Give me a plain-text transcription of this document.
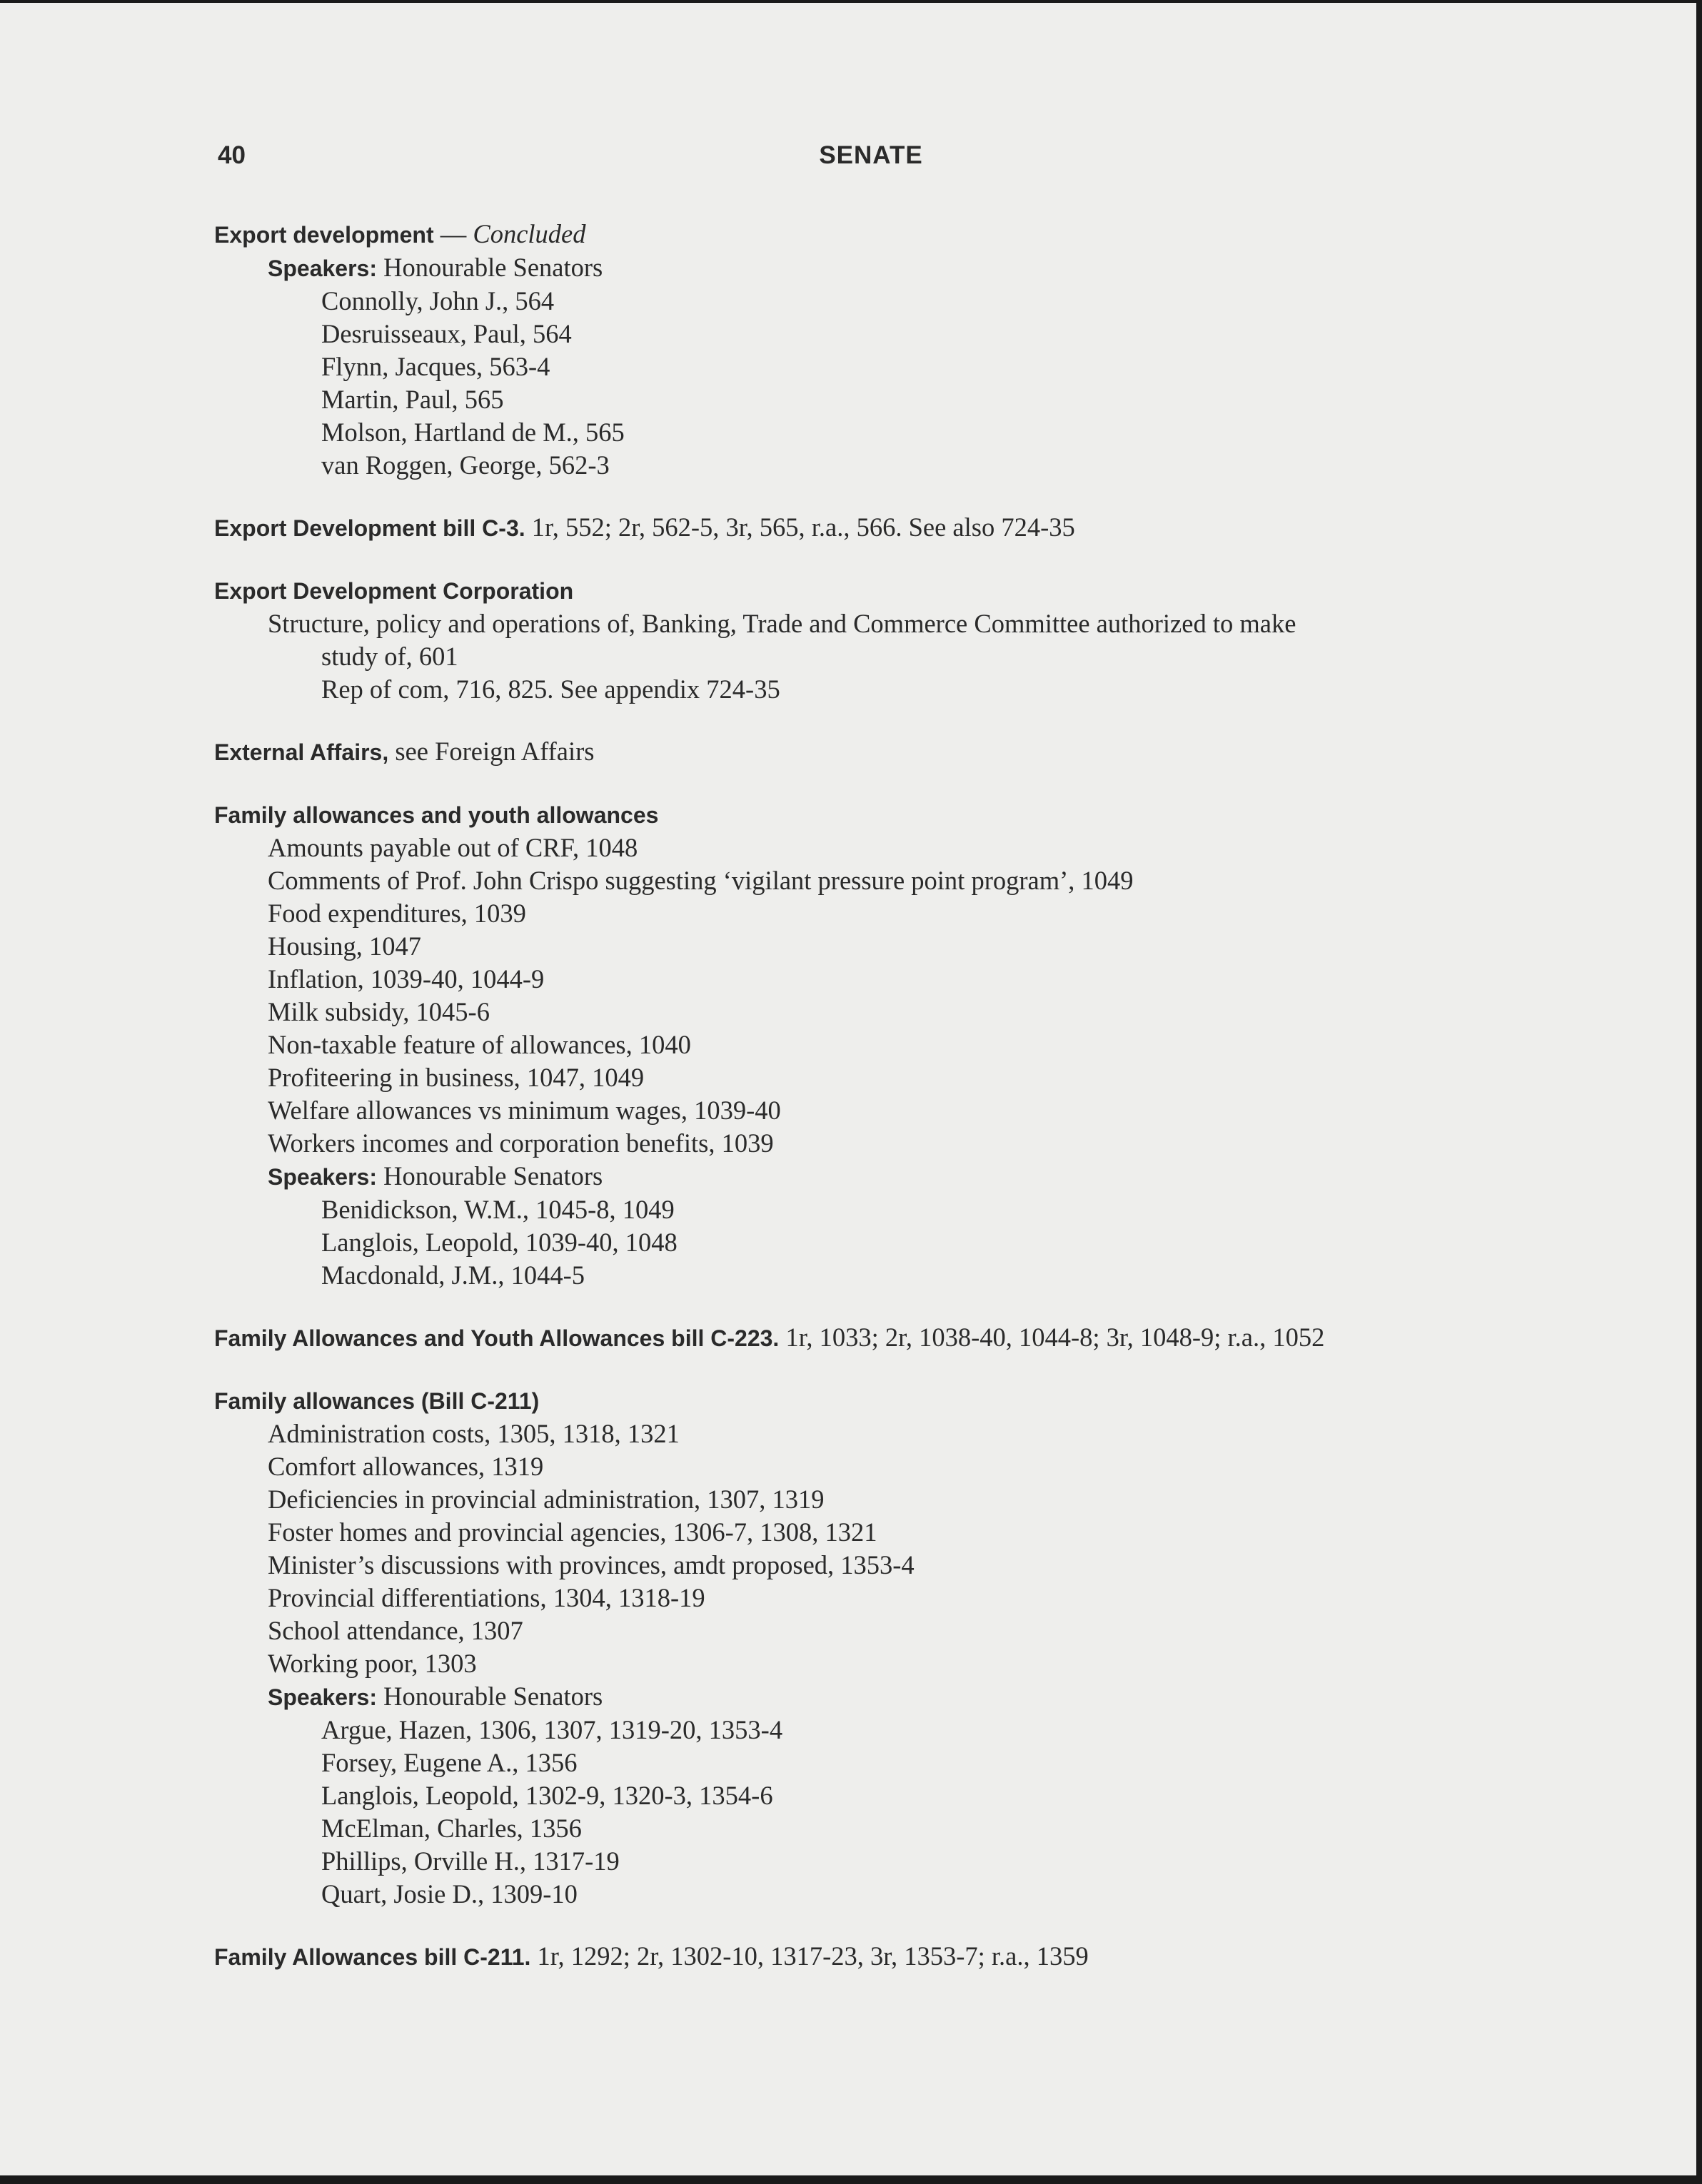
40	SENATE
Export development — Concluded
Speakers: Honourable Senators
Connolly, John J., 564
Desruisseaux, Paul, 564
Flynn, Jacques, 563-4
Martin, Paul, 565
Molson, Hartland de M., 565
van Roggen, George, 562-3
Export Development bill C-3. 1r, 552; 2r, 562-5, 3r, 565, r.a., 566. See also 724-35
Export Development Corporation
Structure, policy and operations of, Banking, Trade and Commerce Committee authorized to make
study of, 601
Rep of com, 716, 825. See appendix 724-35
External Affairs, see Foreign Affairs
Family allowances and youth allowances
Amounts payable out of CRF, 1048
Comments of Prof. John Crispo suggesting ‘vigilant pressure point program’, 1049
Food expenditures, 1039
Housing, 1047
Inflation, 1039-40, 1044-9
Milk subsidy, 1045-6
Non-taxable feature of allowances, 1040
Profiteering in business, 1047, 1049
Welfare allowances vs minimum wages, 1039-40
Workers incomes and corporation benefits, 1039
Speakers: Honourable Senators
Benidickson, W.M., 1045-8, 1049
Langlois, Leopold, 1039-40, 1048
Macdonald, J.M., 1044-5
Family Allowances and Youth Allowances bill C-223. 1r, 1033; 2r, 1038-40, 1044-8; 3r, 1048-9; r.a., 1052
Family allowances (Bill C-211)
Administration costs, 1305, 1318, 1321
Comfort allowances, 1319
Deficiencies in provincial administration, 1307, 1319
Foster homes and provincial agencies, 1306-7, 1308, 1321
Minister’s discussions with provinces, amdt proposed, 1353-4
Provincial differentiations, 1304, 1318-19
School attendance, 1307
Working poor, 1303
Speakers: Honourable Senators
Argue, Hazen, 1306, 1307, 1319-20, 1353-4
Forsey, Eugene A., 1356
Langlois, Leopold, 1302-9, 1320-3, 1354-6
McElman, Charles, 1356
Phillips, Orville H., 1317-19
Quart, Josie D., 1309-10
Family Allowances bill C-211. 1r, 1292; 2r, 1302-10, 1317-23, 3r, 1353-7; r.a., 1359
